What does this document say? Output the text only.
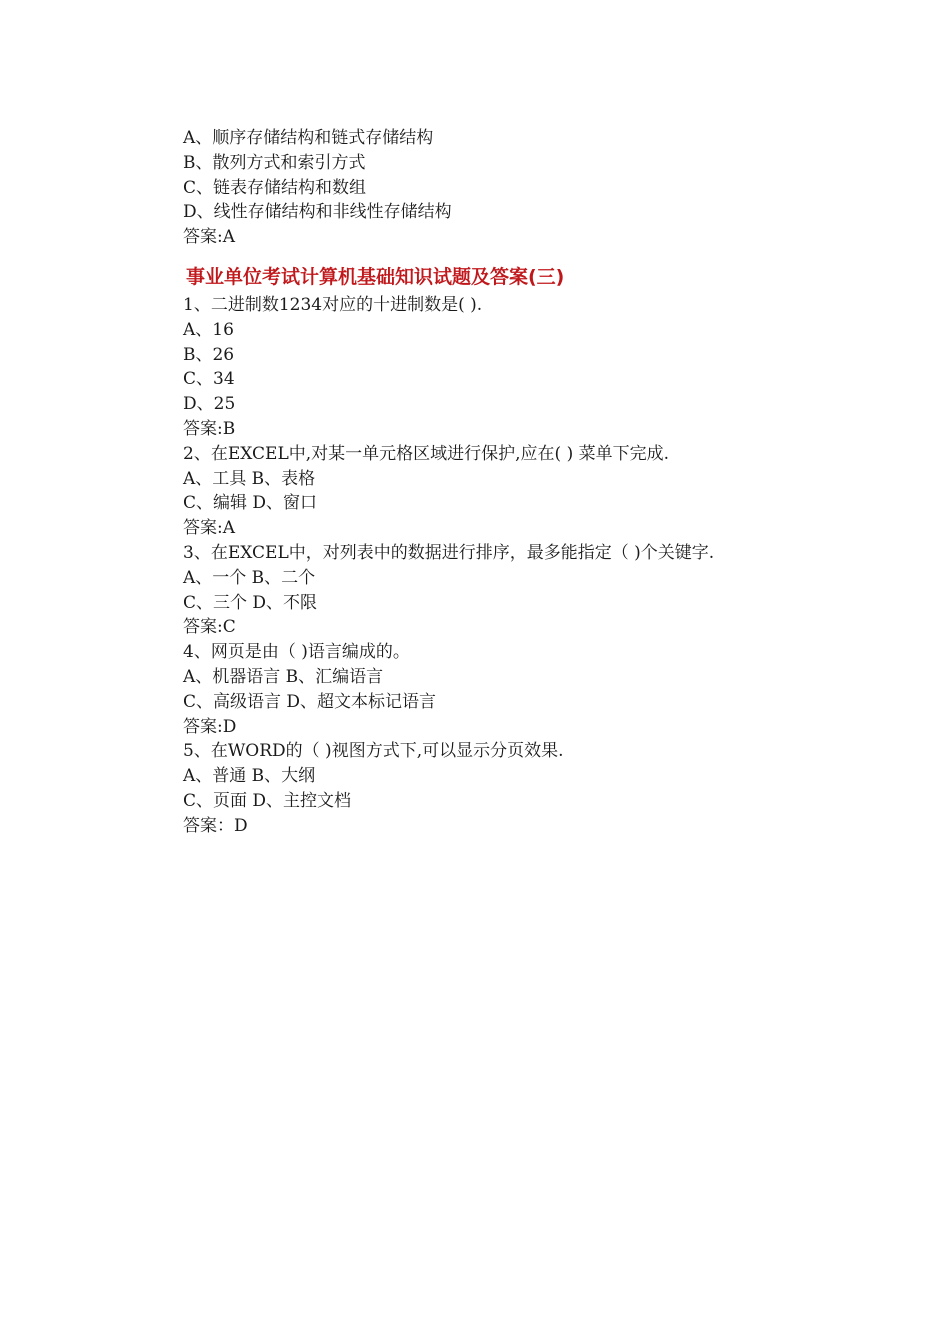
A、顺序存储结构和链式存储结构

B、散列方式和索引方式

C、链表存储结构和数组

D、线性存储结构和非线性存储结构

答案:A

事业单位考试计算机基础知识试题及答案(三)

1、二进制数1234对应的十进制数是( ).

A、16

B、26

C、34

D、25

答案:B

2、在EXCEL中,对某一单元格区域进行保护,应在( ) 菜单下完成.

A、工具 B、表格

C、编辑 D、窗口

答案:A

3、在EXCEL中，对列表中的数据进行排序，最多能指定（ )个关键字.

A、一个 B、二个

C、三个 D、不限

答案:C

4、网页是由（ )语言编成的。

A、机器语言 B、汇编语言

C、高级语言 D、超文本标记语言

答案:D

5、在WORD的（ )视图方式下,可以显示分页效果.

A、普通 B、大纲

C、页面 D、主控文档

答案：D
